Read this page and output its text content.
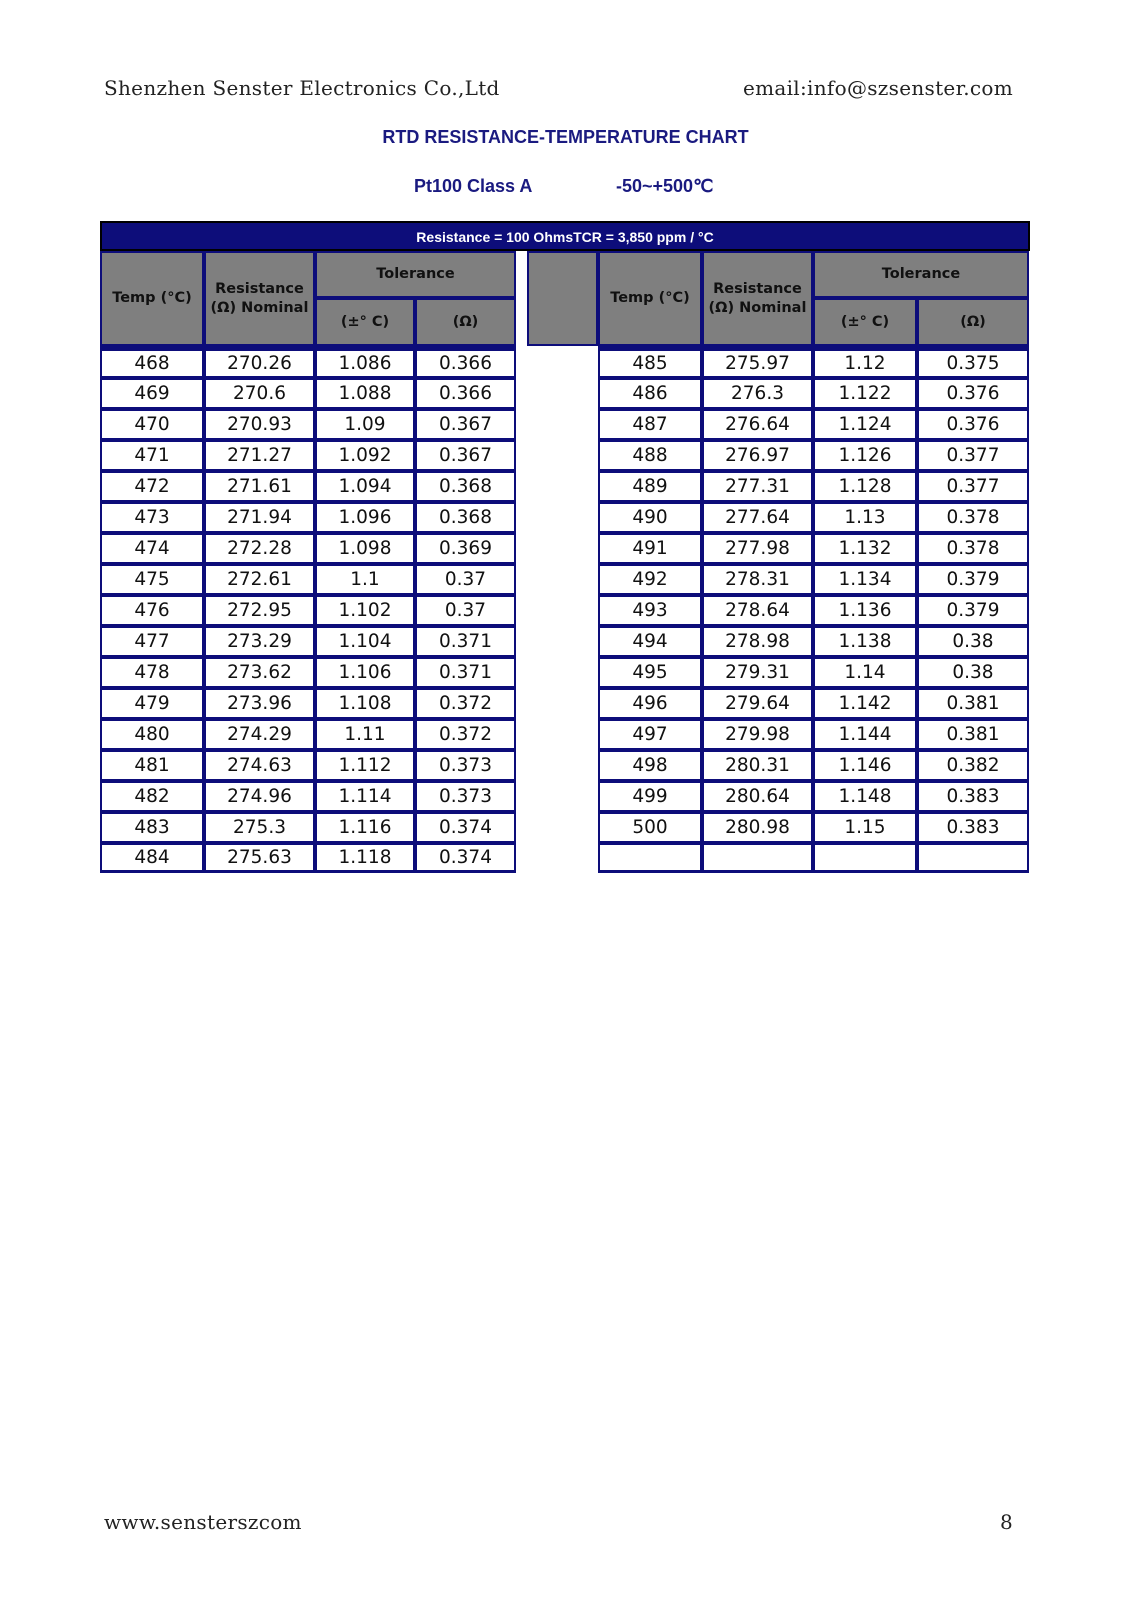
Shenzhen Senster Electronics Co.,Ltd	email:info@szsenster.com
RTD RESISTANCE-TEMPERATURE CHART
Pt100 Class A	-50~+500℃
Resistance = 100 OhmsTCR = 3,850 ppm / °C
Temp (°C)	Resistance (Ω) Nominal	Tolerance	
		(±° C)	(Ω)
468	270.26	1.086	0.366
469	270.6	1.088	0.366
470	270.93	1.09	0.367
471	271.27	1.092	0.367
472	271.61	1.094	0.368
473	271.94	1.096	0.368
474	272.28	1.098	0.369
475	272.61	1.1	0.37
476	272.95	1.102	0.37
477	273.29	1.104	0.371
478	273.62	1.106	0.371
479	273.96	1.108	0.372
480	274.29	1.11	0.372
481	274.63	1.112	0.373
482	274.96	1.114	0.373
483	275.3	1.116	0.374
484	275.63	1.118	0.374
Temp (°C)	Resistance (Ω) Nominal	Tolerance	
		(±° C)	(Ω)
485	275.97	1.12	0.375
486	276.3	1.122	0.376
487	276.64	1.124	0.376
488	276.97	1.126	0.377
489	277.31	1.128	0.377
490	277.64	1.13	0.378
491	277.98	1.132	0.378
492	278.31	1.134	0.379
493	278.64	1.136	0.379
494	278.98	1.138	0.38
495	279.31	1.14	0.38
496	279.64	1.142	0.381
497	279.98	1.144	0.381
498	280.31	1.146	0.382
499	280.64	1.148	0.383
500	280.98	1.15	0.383

www.sensterszcom	8
